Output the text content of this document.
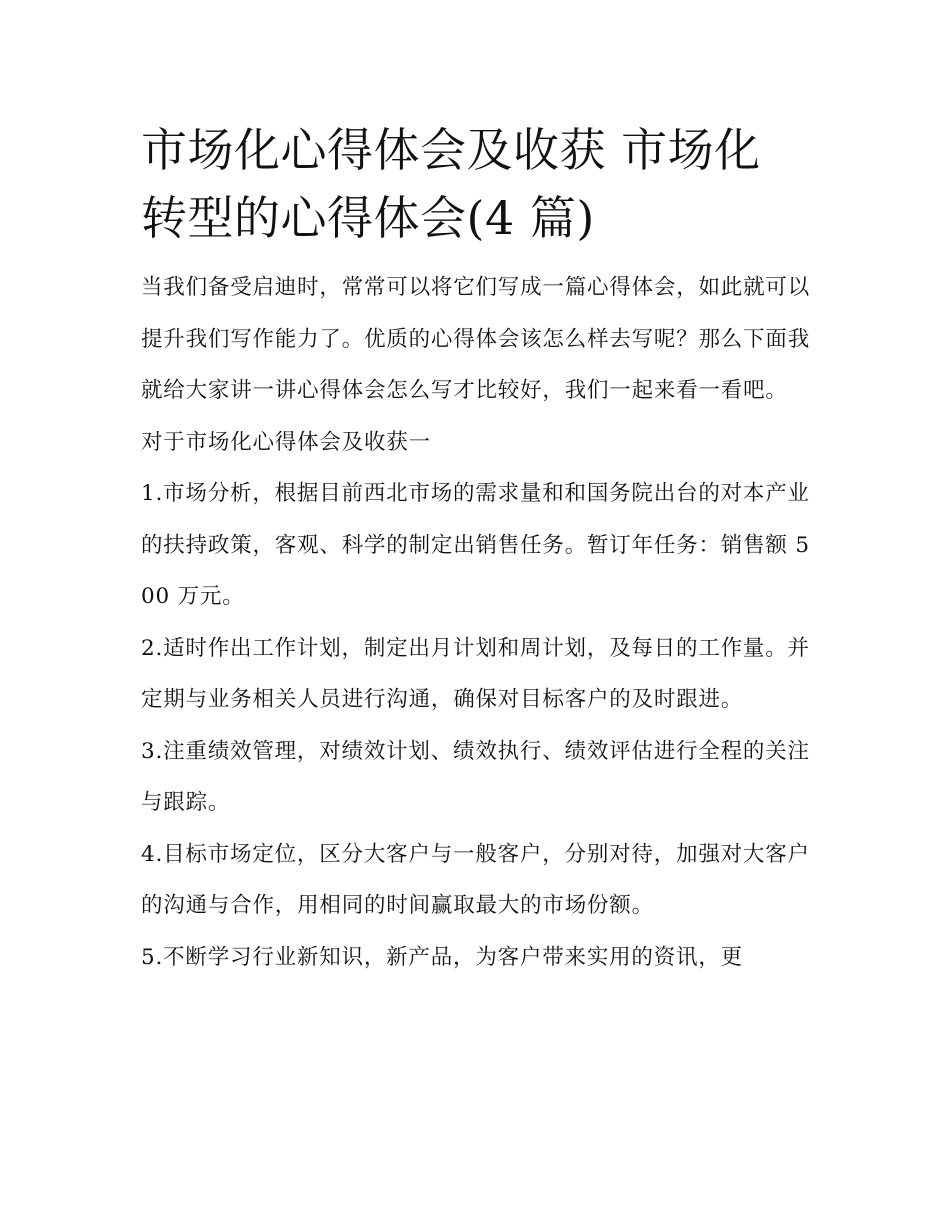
市场化心得体会及收获 市场化
转型的心得体会(4 篇)

当我们备受启迪时，常常可以将它们写成一篇心得体会，如此就可以提升我们写作能力了。优质的心得体会该怎么样去写呢？那么下面我就给大家讲一讲心得体会怎么写才比较好，我们一起来看一看吧。

对于市场化心得体会及收获一

1.市场分析，根据目前西北市场的需求量和和国务院出台的对本产业的扶持政策，客观、科学的制定出销售任务。暂订年任务：销售额 500 万元。

2.适时作出工作计划，制定出月计划和周计划，及每日的工作量。并定期与业务相关人员进行沟通，确保对目标客户的及时跟进。

3.注重绩效管理，对绩效计划、绩效执行、绩效评估进行全程的关注与跟踪。

4.目标市场定位，区分大客户与一般客户，分别对待，加强对大客户的沟通与合作，用相同的时间赢取最大的市场份额。

5.不断学习行业新知识，新产品，为客户带来实用的资讯，更
